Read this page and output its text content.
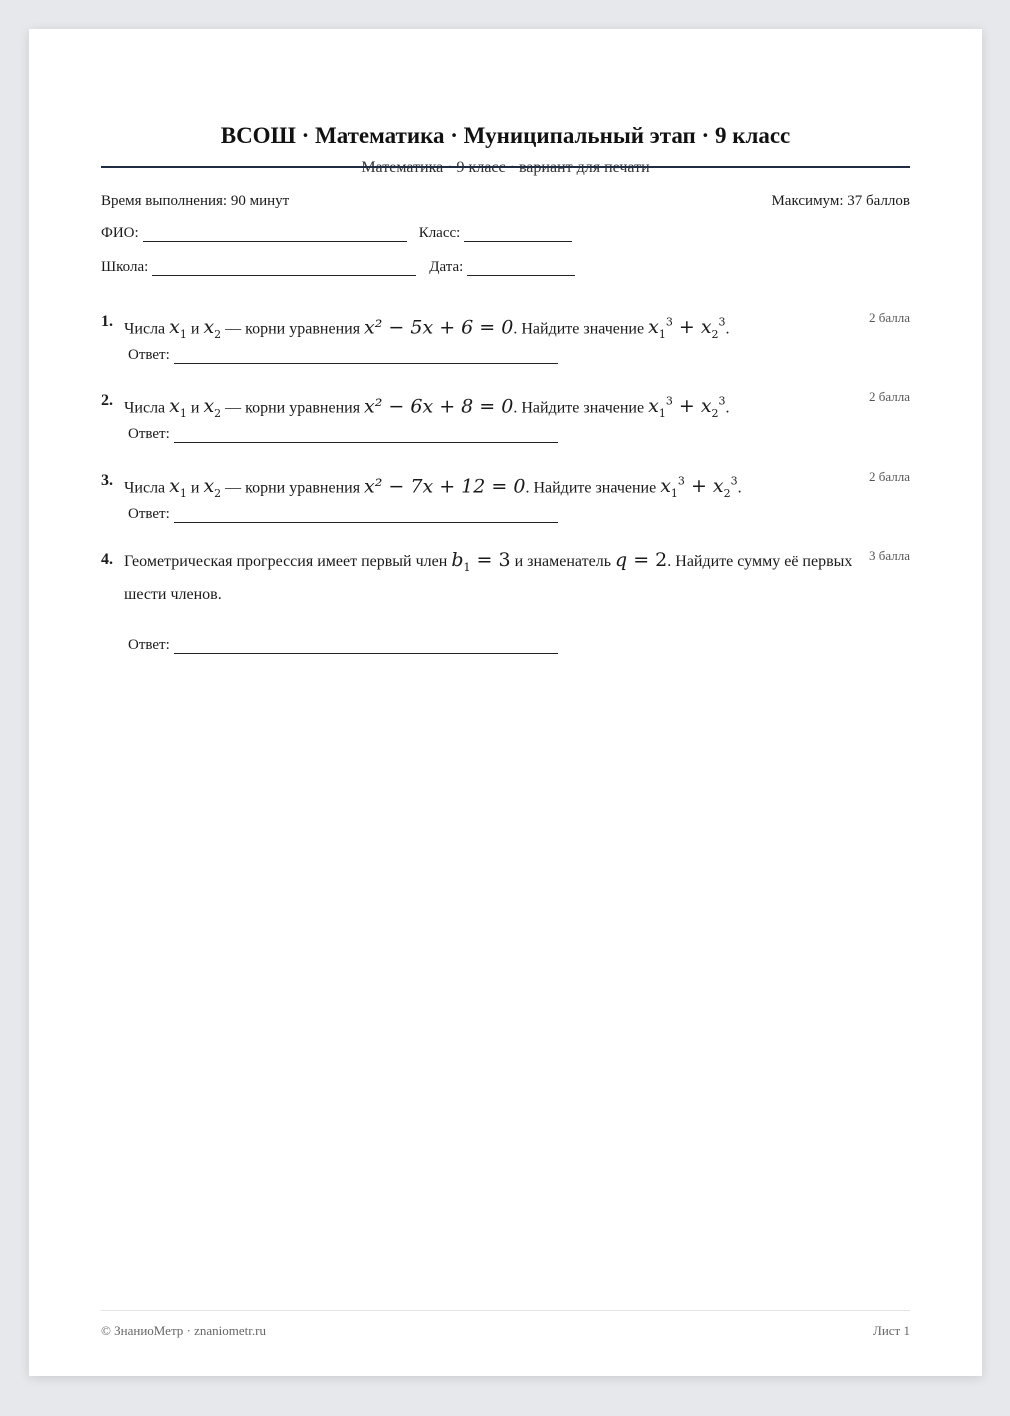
ВСОШ · Математика · Муниципальный этап · 9 класс
Математика · 9 класс · вариант для печати
Время выполнения: 90 минут	Максимум: 37 баллов
ФИО:	Класс:
Школа:	Дата:
1. Числа $x_1$ и $x_2$ — корни уравнения x² − 5x + 6 = 0. Найдите значение $x_1^3 + x_2^3$.
2 балла
Ответ:
2. Числа $x_1$ и $x_2$ — корни уравнения x² − 6x + 8 = 0. Найдите значение $x_1^3 + x_2^3$.
2 балла
Ответ:
3. Числа $x_1$ и $x_2$ — корни уравнения x² − 7x + 12 = 0. Найдите значение $x_1^3 + x_2^3$.
2 балла
Ответ:
4. Геометрическая прогрессия имеет первый член $b_1 = 3$ и знаменатель q = 2. Найдите сумму её первых шести членов.
3 балла
Ответ:
© ЗнаниоМетр · znaniometr.ru	Лист 1
